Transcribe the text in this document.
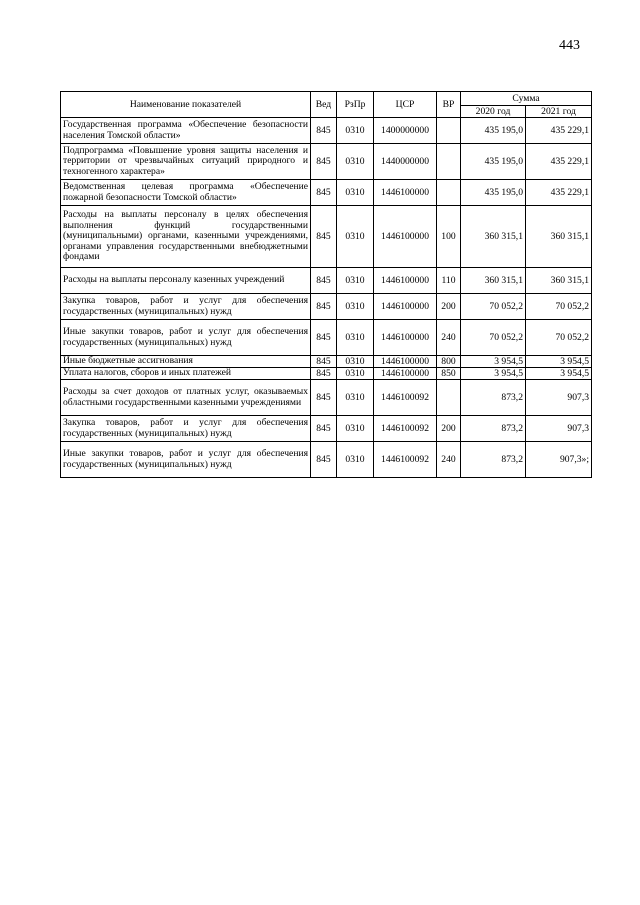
443
Наименование показателей	Вед	РзПр	ЦСР	ВР	Сумма	
					2020 год	2021 год
Государственная программа «Обеспечение безопасности населения Томской области»	845	0310	1400000000		435 195,0	435 229,1
Подпрограмма «Повышение уровня защиты населения и территории от чрезвычайных ситуаций природного и техногенного характера»	845	0310	1440000000		435 195,0	435 229,1
Ведомственная целевая программа «Обеспечение пожарной безопасности Томской области»	845	0310	1446100000		435 195,0	435 229,1
Расходы на выплаты персоналу в целях обеспечения выполнения функций государственными (муниципальными) органами, казенными учреждениями, органами управления государственными внебюджетными фондами	845	0310	1446100000	100	360 315,1	360 315,1
Расходы на выплаты персоналу казенных учреждений	845	0310	1446100000	110	360 315,1	360 315,1
Закупка товаров, работ и услуг для обеспечения государственных (муниципальных) нужд	845	0310	1446100000	200	70 052,2	70 052,2
Иные закупки товаров, работ и услуг для обеспечения государственных (муниципальных) нужд	845	0310	1446100000	240	70 052,2	70 052,2
Иные бюджетные ассигнования	845	0310	1446100000	800	3 954,5	3 954,5
Уплата налогов, сборов и иных платежей	845	0310	1446100000	850	3 954,5	3 954,5
Расходы за счет доходов от платных услуг, оказываемых областными государственными казенными учреждениями	845	0310	1446100092		873,2	907,3
Закупка товаров, работ и услуг для обеспечения государственных (муниципальных) нужд	845	0310	1446100092	200	873,2	907,3
Иные закупки товаров, работ и услуг для обеспечения государственных (муниципальных) нужд	845	0310	1446100092	240	873,2	907,3»;
